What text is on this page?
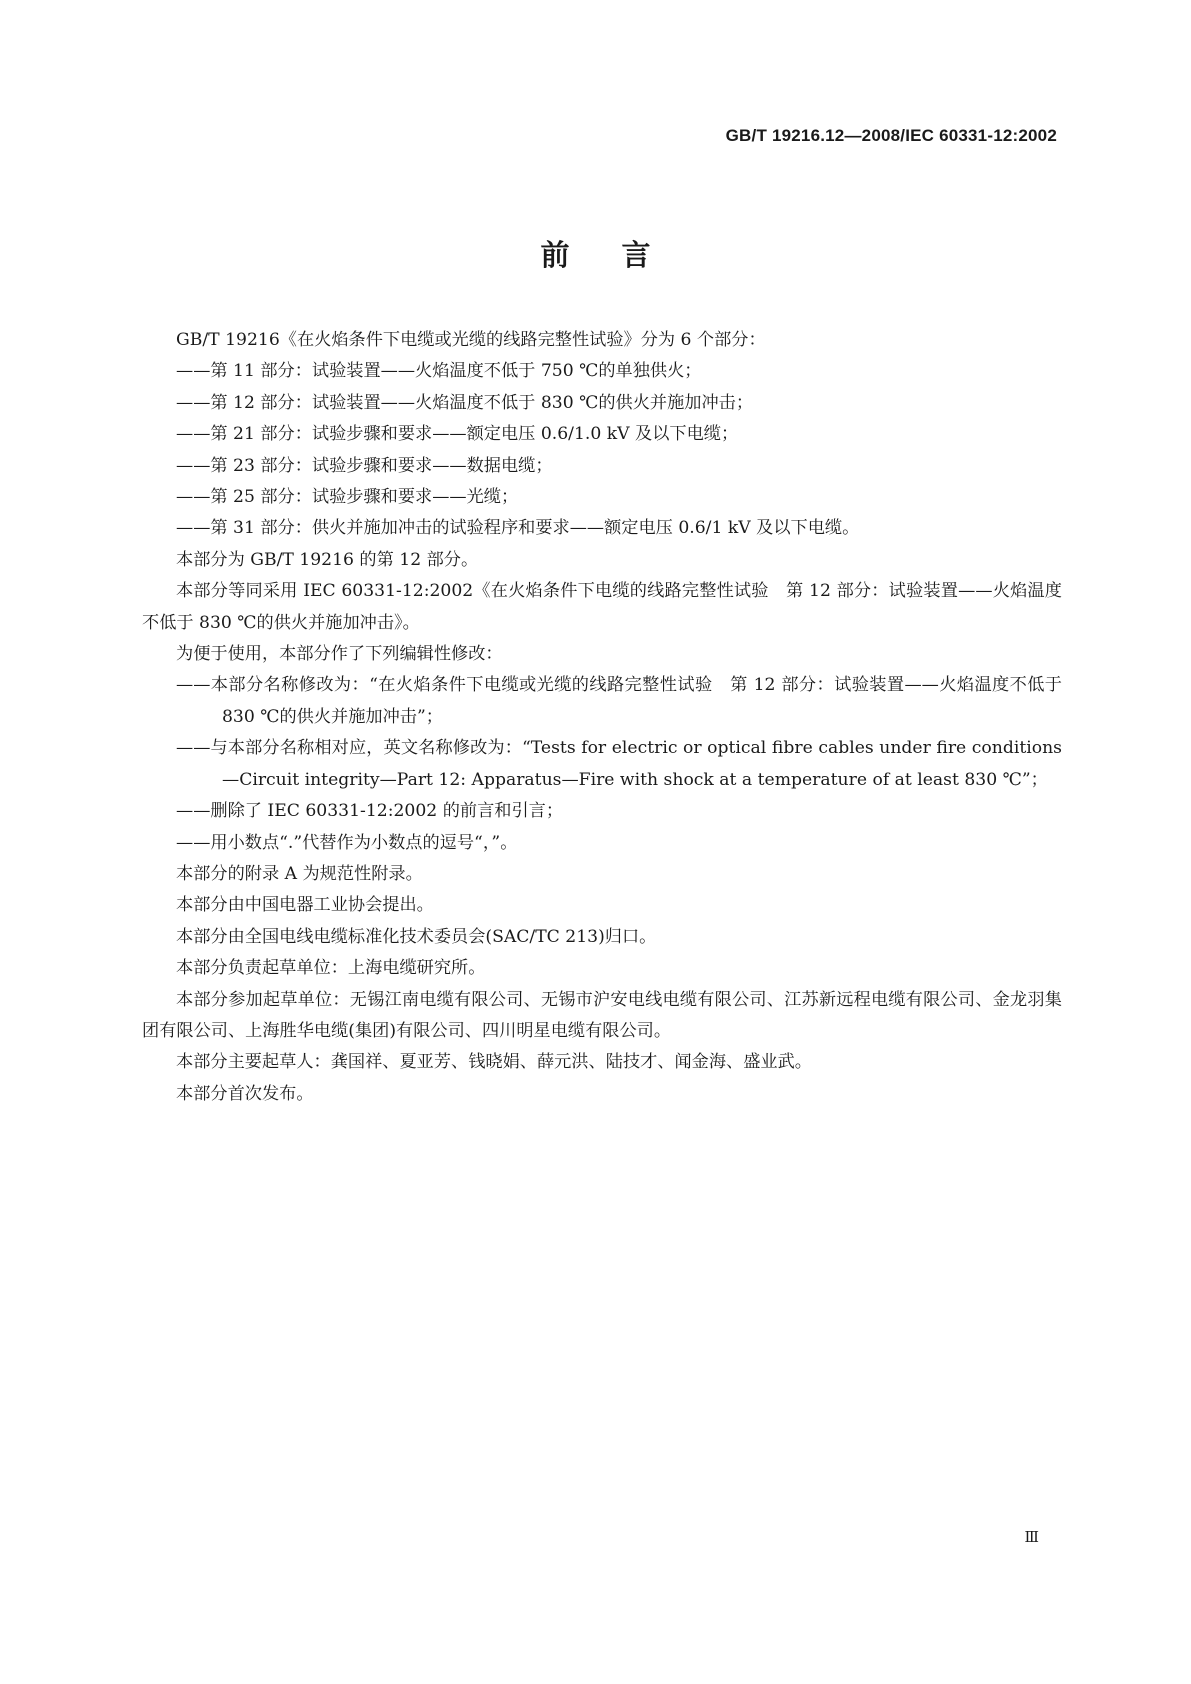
GB/T 19216.12—2008/IEC 60331-12:2002
前言

GB/T 19216《在火焰条件下电缆或光缆的线路完整性试验》分为 6 个部分：

——第 11 部分：试验装置——火焰温度不低于 750 ℃的单独供火；

——第 12 部分：试验装置——火焰温度不低于 830 ℃的供火并施加冲击；

——第 21 部分：试验步骤和要求——额定电压 0.6/1.0 kV 及以下电缆；

——第 23 部分：试验步骤和要求——数据电缆；

——第 25 部分：试验步骤和要求——光缆；

——第 31 部分：供火并施加冲击的试验程序和要求——额定电压 0.6/1 kV 及以下电缆。

本部分为 GB/T 19216 的第 12 部分。

本部分等同采用 IEC 60331-12:2002《在火焰条件下电缆的线路完整性试验　第 12 部分：试验装置——火焰温度不低于 830 ℃的供火并施加冲击》。

为便于使用，本部分作了下列编辑性修改：

——本部分名称修改为：“在火焰条件下电缆或光缆的线路完整性试验　第 12 部分：试验装置——火焰温度不低于 830 ℃的供火并施加冲击”；

——与本部分名称相对应，英文名称修改为：“Tests for electric or optical fibre cables under fire conditions—Circuit integrity—Part 12: Apparatus—Fire with shock at a temperature of at least 830 ℃”；

——删除了 IEC 60331-12:2002 的前言和引言；

——用小数点“.”代替作为小数点的逗号“，”。

本部分的附录 A 为规范性附录。

本部分由中国电器工业协会提出。

本部分由全国电线电缆标准化技术委员会(SAC/TC 213)归口。

本部分负责起草单位：上海电缆研究所。

本部分参加起草单位：无锡江南电缆有限公司、无锡市沪安电线电缆有限公司、江苏新远程电缆有限公司、金龙羽集团有限公司、上海胜华电缆(集团)有限公司、四川明星电缆有限公司。

本部分主要起草人：龚国祥、夏亚芳、钱晓娟、薛元洪、陆技才、闻金海、盛业武。

本部分首次发布。

Ⅲ
